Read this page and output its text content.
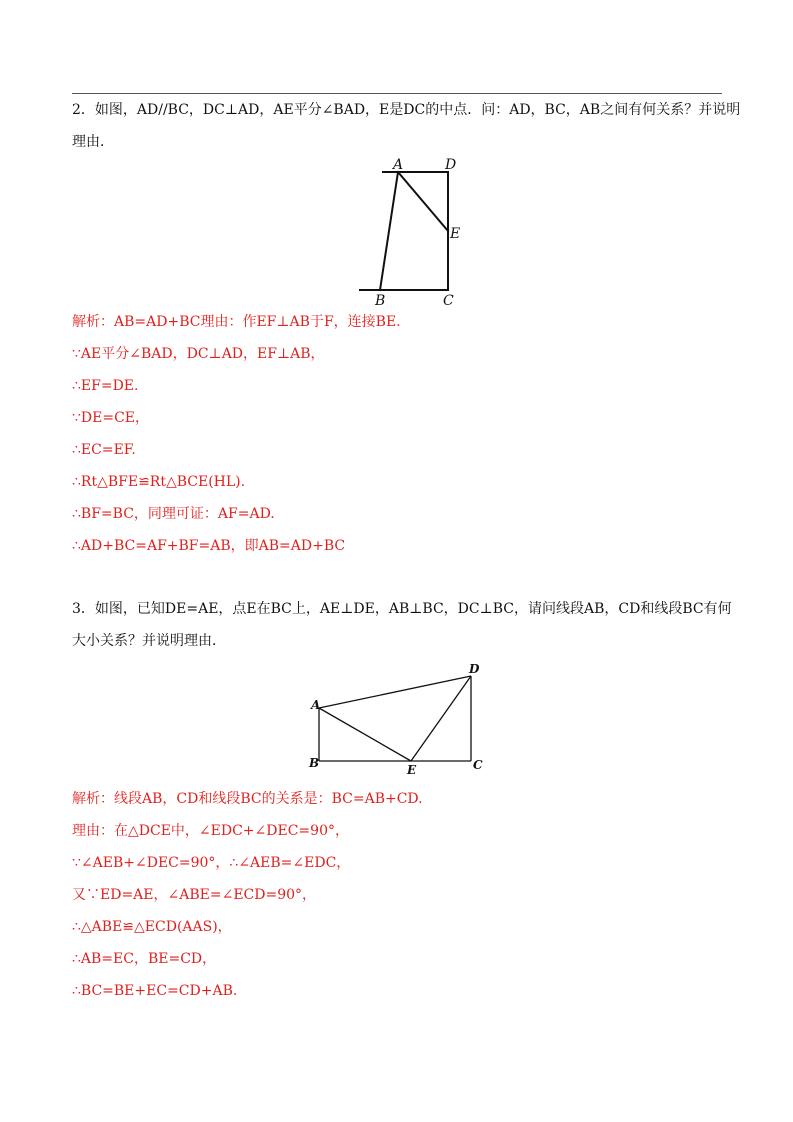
2．如图，AD//BC，DC⊥AD，AE平分∠BAD，E是DC的中点．问：AD，BC，AB之间有何关系？并说明
理由．
A	D
E
B	C
解析：AB=AD+BC理由：作EF⊥AB于F，连接BE.
∵AE平分∠BAD，DC⊥AD，EF⊥AB，
∴EF=DE.
∵DE=CE，
∴EC=EF.
∴Rt△BFE≌Rt△BCE(HL).
∴BF=BC，同理可证：AF=AD.
∴AD+BC=AF+BF=AB，即AB=AD+BC
3．如图，已知DE=AE，点E在BC上，AE⊥DE，AB⊥BC，DC⊥BC，请问线段AB，CD和线段BC有何
大小关系？并说明理由．
A
B	E	C
D
解析：线段AB，CD和线段BC的关系是：BC=AB+CD.
理由：在△DCE中，∠EDC+∠DEC=90°，
∵∠AEB+∠DEC=90°，∴∠AEB=∠EDC，
又∵ED=AE，∠ABE=∠ECD=90°，
∴△ABE≌△ECD(AAS)，
∴AB=EC，BE=CD，
∴BC=BE+EC=CD+AB.
